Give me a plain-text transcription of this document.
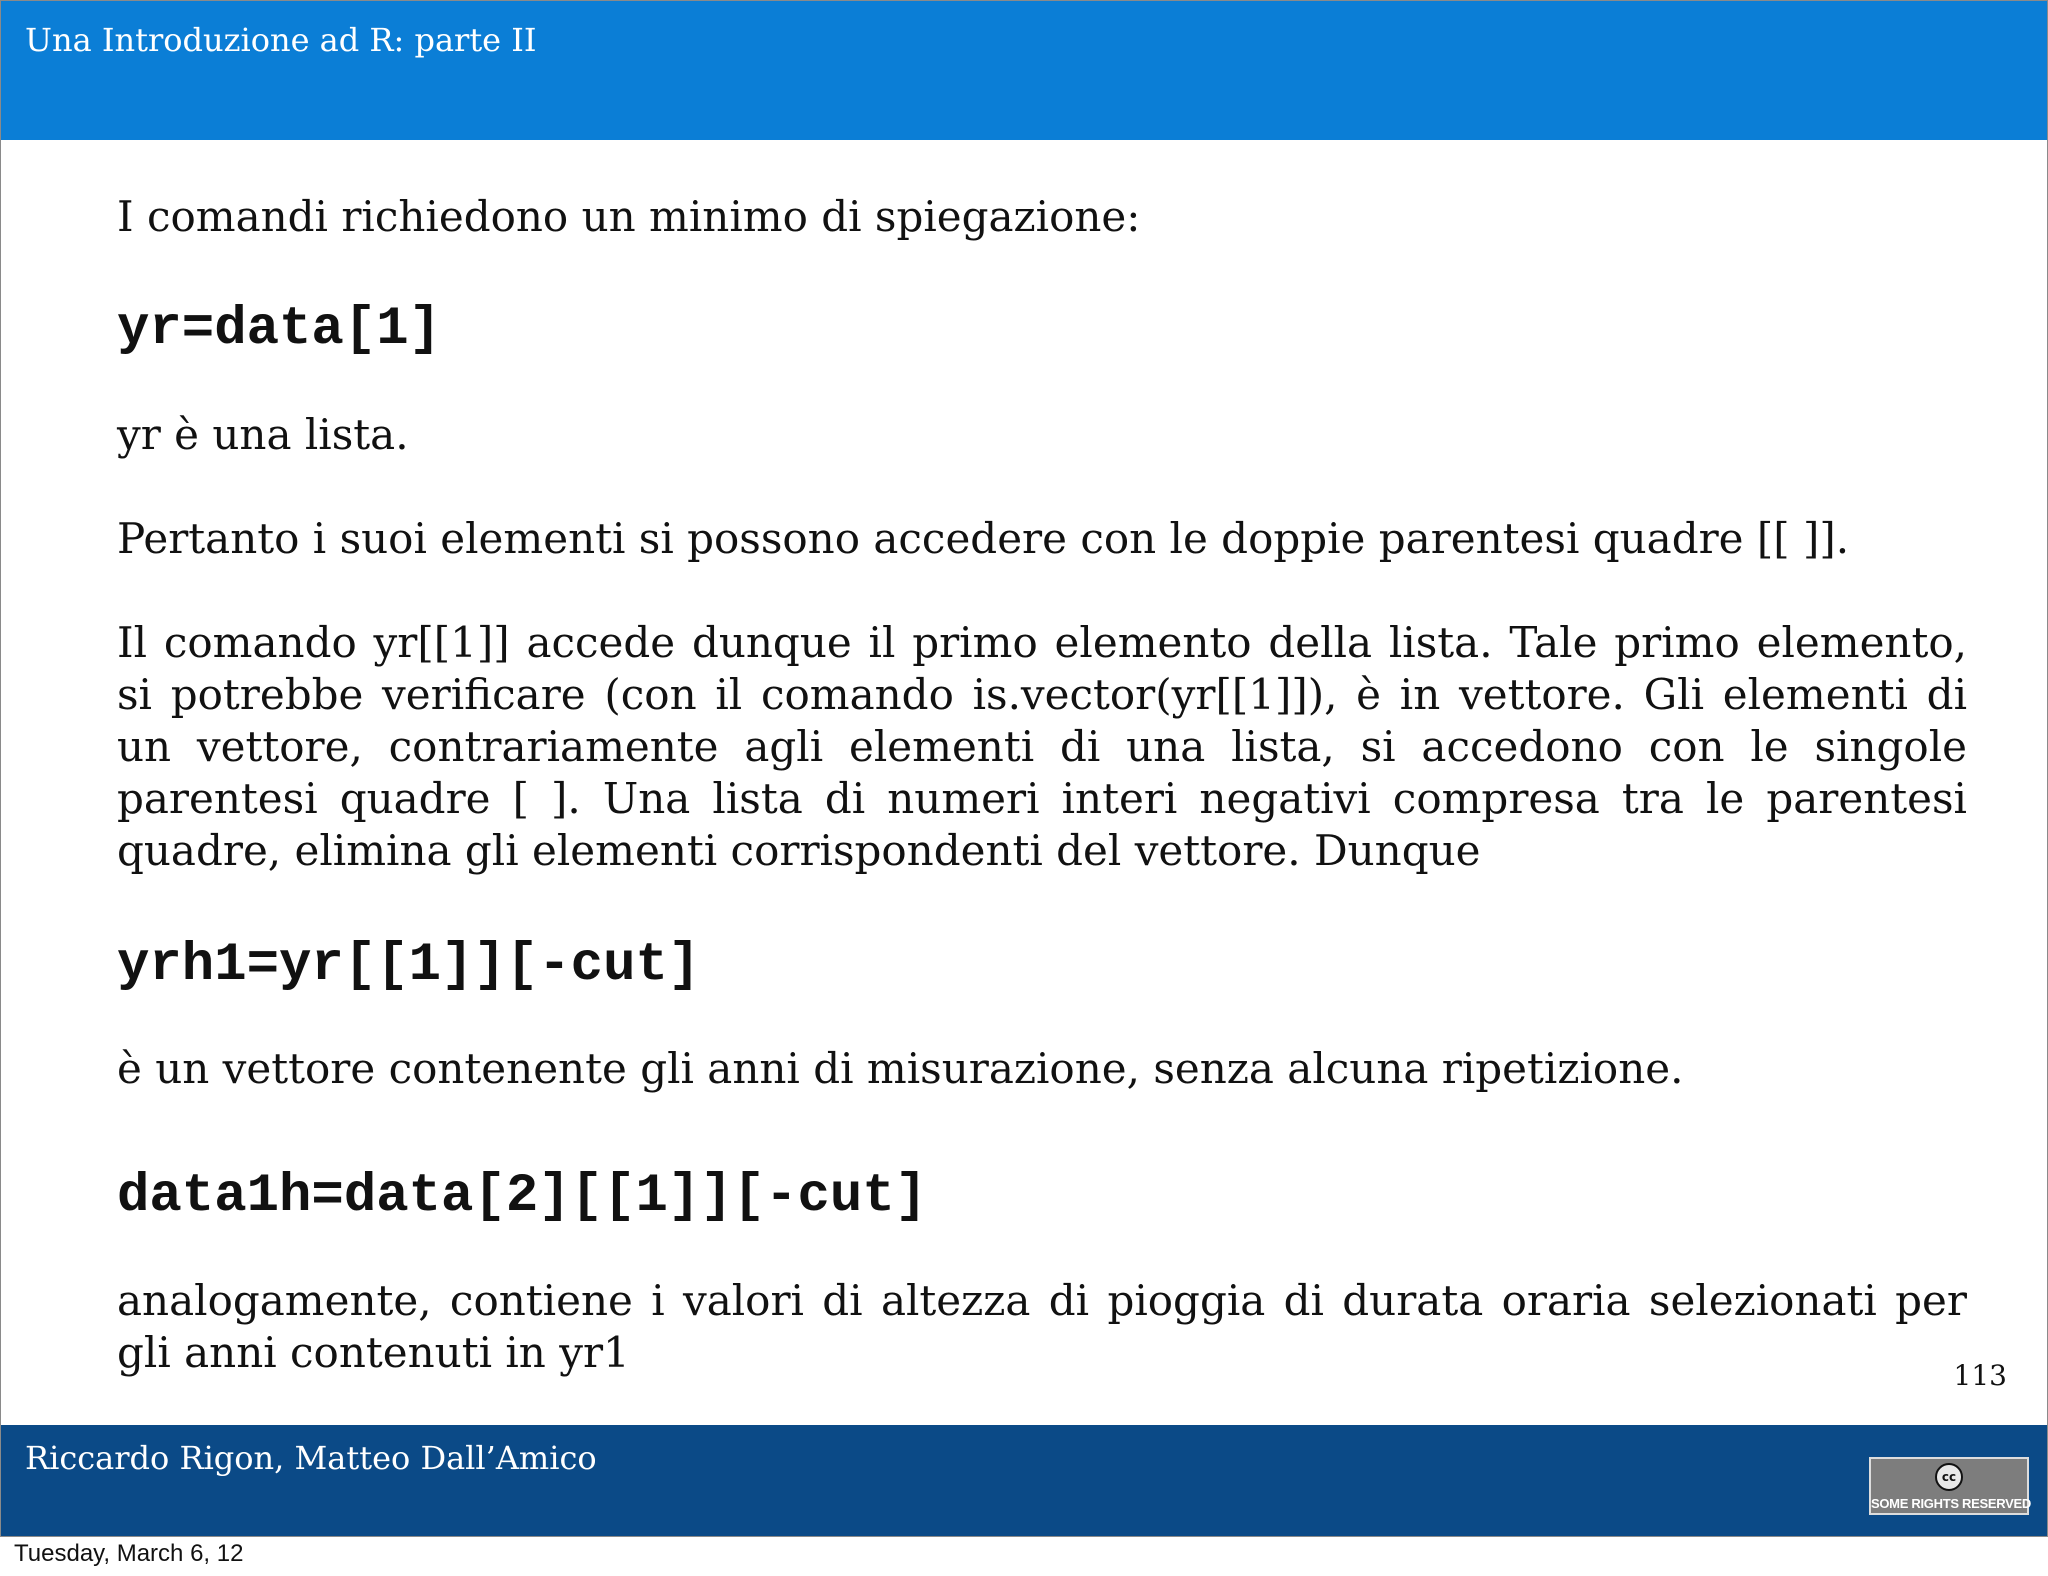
Una Introduzione ad R: parte II
I comandi richiedono un minimo di spiegazione:
yr=data[1]
yr è una lista.
Pertanto i suoi elementi si possono accedere con le doppie parentesi quadre [[ ]].
Il comando yr[[1]] accede dunque il primo elemento della lista. Tale primo elemento, si potrebbe verificare (con il comando is.vector(yr[[1]]), è in vettore. Gli elementi di un vettore, contrariamente agli elementi di una lista, si accedono con le singole parentesi quadre [ ]. Una lista di numeri interi negativi compresa tra le parentesi quadre, elimina gli elementi corrispondenti del vettore. Dunque
yrh1=yr[[1]][-cut]
è un vettore contenente gli anni di misurazione, senza alcuna ripetizione.
data1h=data[2][[1]][-cut]
analogamente, contiene i valori di altezza di pioggia di durata oraria selezionati per gli anni contenuti in yr1	113
Riccardo Rigon, Matteo Dall’Amico	cc
SOME RIGHTS RESERVED
Tuesday, March 6, 12
